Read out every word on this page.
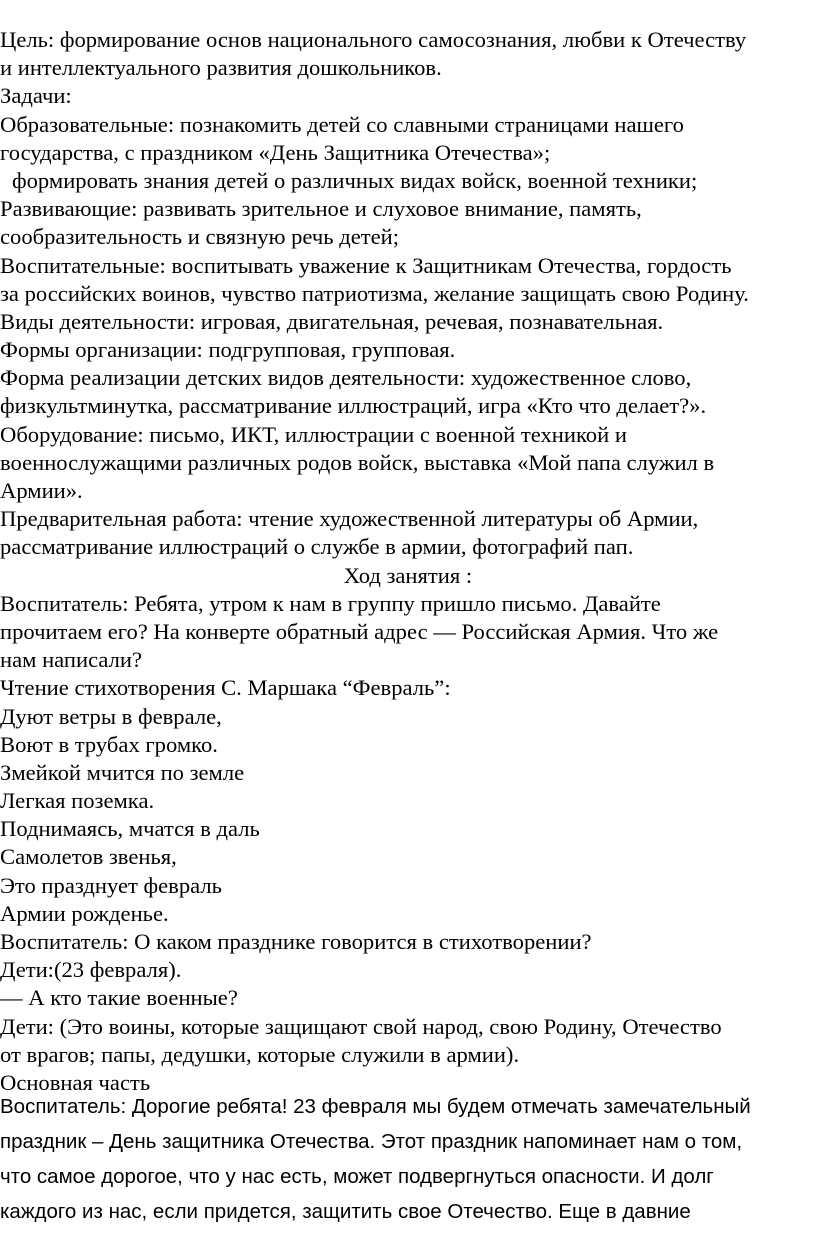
Цель: формирование основ национального самосознания, любви к Отечеству
и интеллектуального развития дошкольников.
Задачи:
Образовательные: познакомить детей со славными страницами нашего
государства, с праздником «День Защитника Отечества»;
формировать знания детей о различных видах войск, военной техники;
Развивающие: развивать зрительное и слуховое внимание, память,
сообразительность и связную речь детей;
Воспитательные: воспитывать уважение к Защитникам Отечества, гордость
за российских воинов, чувство патриотизма, желание защищать свою Родину.
Виды деятельности: игровая, двигательная, речевая, познавательная.
Формы организации: подгрупповая, групповая.
Форма реализации детских видов деятельности: художественное слово,
физкультминутка, рассматривание иллюстраций, игра «Кто что делает?».
Оборудование: письмо, ИКТ, иллюстрации с военной техникой и
военнослужащими различных родов войск, выставка «Мой папа служил в
Армии».
Предварительная работа: чтение художественной литературы об Армии,
рассматривание иллюстраций о службе в армии, фотографий пап.
Ход занятия :
Воспитатель: Ребята, утром к нам в группу пришло письмо. Давайте
прочитаем его? На конверте обратный адрес — Российская Армия. Что же
нам написали?
Чтение стихотворения С. Маршака “Февраль”:
Дуют ветры в феврале,
Воют в трубах громко.
Змейкой мчится по земле
Легкая поземка.
Поднимаясь, мчатся в даль
Самолетов звенья,
Это празднует февраль
Армии рожденье.
Воспитатель: О каком празднике говорится в стихотворении?
Дети:(23 февраля).
— А кто такие военные?
Дети: (Это воины, которые защищают свой народ, свою Родину, Отечество
от врагов; папы, дедушки, которые служили в армии).
Основная часть
Воспитатель: Дорогие ребята! 23 февраля мы будем отмечать замечательный
праздник – День защитника Отечества. Этот праздник напоминает нам о том,
что самое дорогое, что у нас есть, может подвергнуться опасности. И долг
каждого из нас, если придется, защитить свое Отечество. Еще в давние
